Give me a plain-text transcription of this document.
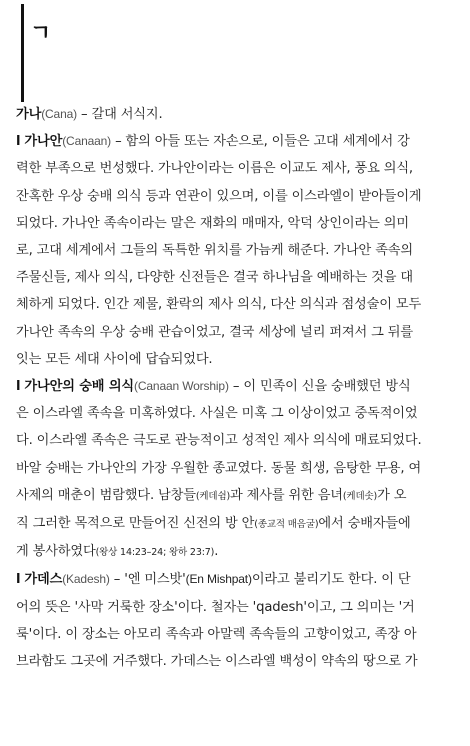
ㄱ

가나(Cana) – 갈대 서식지.

l 가나안(Canaan) – 함의 아들 또는 자손으로, 이들은 고대 세계에서 강
력한 부족으로 번성했다. 가나안이라는 이름은 이교도 제사, 풍요 의식,
잔혹한 우상 숭배 의식 등과 연관이 있으며, 이를 이스라엘이 받아들이게
되었다. 가나안 족속이라는 말은 재화의 매매자, 악덕 상인이라는 의미
로, 고대 세계에서 그들의 독특한 위치를 가늠케 해준다. 가나안 족속의
주물신들, 제사 의식, 다양한 신전들은 결국 하나님을 예배하는 것을 대
체하게 되었다. 인간 제물, 환락의 제사 의식, 다산 의식과 점성술이 모두
가나안 족속의 우상 숭배 관습이었고, 결국 세상에 널리 퍼져서 그 뒤를
잇는 모든 세대 사이에 답습되었다.

l 가나안의 숭배 의식(Canaan Worship) – 이 민족이 신을 숭배했던 방식
은 이스라엘 족속을 미혹하였다. 사실은 미혹 그 이상이었고 중독적이었
다. 이스라엘 족속은 극도로 관능적이고 성적인 제사 의식에 매료되었다.
바알 숭배는 가나안의 가장 우월한 종교였다. 동물 희생, 음탕한 무용, 여
사제의 매춘이 범람했다. 남창들(케데쉼)과 제사를 위한 음녀(케데솟)가 오
직 그러한 목적으로 만들어진 신전의 방 안(종교적 매음굴)에서 숭배자들에
게 봉사하였다(왕상 14:23–24; 왕하 23:7).

l 가데스(Kadesh) – '엔 미스밧'(En Mishpat)이라고 불리기도 한다. 이 단
어의 뜻은 '사막 거룩한 장소'이다. 철자는 'qadesh'이고, 그 의미는 '거
룩'이다. 이 장소는 아모리 족속과 아말렉 족속들의 고향이었고, 족장 아
브라함도 그곳에 거주했다. 가데스는 이스라엘 백성이 약속의 땅으로 가
